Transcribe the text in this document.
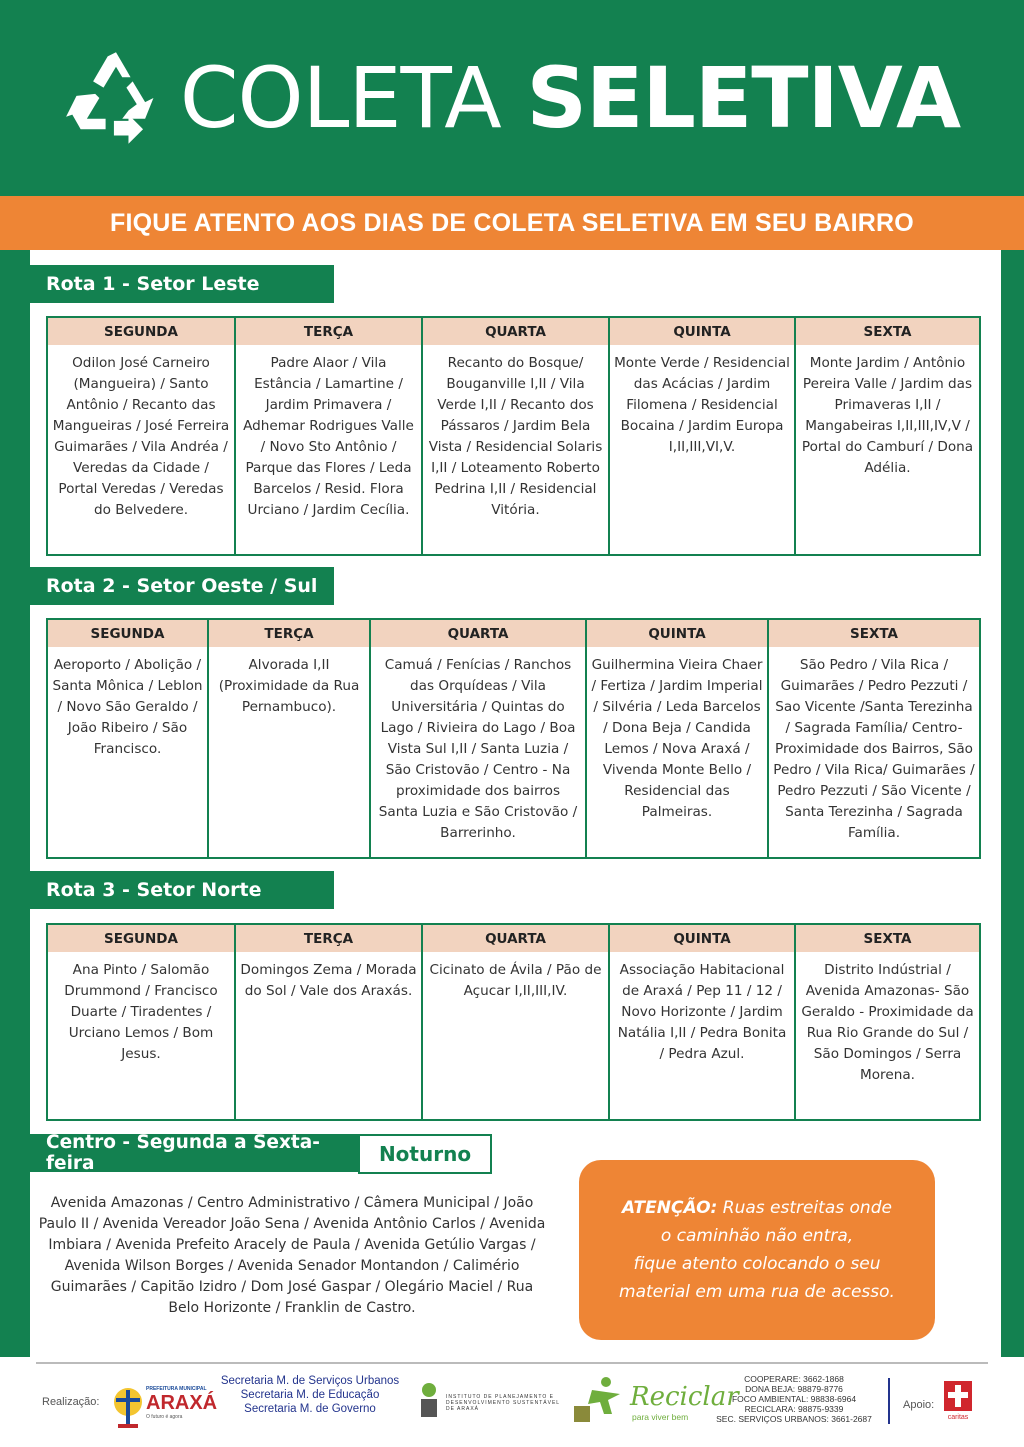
COLETA SELETIVA
FIQUE ATENTO AOS DIAS DE COLETA SELETIVA EM SEU BAIRRO
Rota 1 - Setor Leste
SEGUNDA
Odilon José Carneiro (Mangueira) / Santo Antônio / Recanto das Mangueiras / José Ferreira Guimarães / Vila Andréa / Veredas da Cidade / Portal Veredas / Veredas do Belvedere.
TERÇA
Padre Alaor / Vila Estância / Lamartine / Jardim Primavera / Adhemar Rodrigues Valle / Novo Sto Antônio / Parque das Flores / Leda Barcelos / Resid. Flora Urciano / Jardim Cecília.
QUARTA
Recanto do Bosque/ Bouganville I,II / Vila Verde I,II / Recanto dos Pássaros / Jardim Bela Vista / Residencial Solaris I,II / Loteamento Roberto Pedrina I,II / Residencial Vitória.
QUINTA
Monte Verde / Residencial das Acácias / Jardim Filomena / Residencial Bocaina / Jardim Europa I,II,III,VI,V.
SEXTA
Monte Jardim / Antônio Pereira Valle / Jardim das Primaveras I,II / Mangabeiras I,II,III,IV,V / Portal do Camburí / Dona Adélia.
Rota 2 - Setor Oeste / Sul
SEGUNDA
Aeroporto / Abolição / Santa Mônica / Leblon / Novo São Geraldo / João Ribeiro / São Francisco.
TERÇA
Alvorada I,II (Proximidade da Rua Pernambuco).
QUARTA
Camuá / Fenícias / Ranchos das Orquídeas / Vila Universitária / Quintas do Lago / Rivieira do Lago / Boa Vista Sul I,II / Santa Luzia / São Cristovão / Centro - Na proximidade dos bairros Santa Luzia e São Cristovão / Barrerinho.
QUINTA
Guilhermina Vieira Chaer / Fertiza / Jardim Imperial / Silvéria / Leda Barcelos / Dona Beja / Candida Lemos / Nova Araxá / Vivenda Monte Bello / Residencial das Palmeiras.
SEXTA
São Pedro / Vila Rica / Guimarães / Pedro Pezzuti / Sao Vicente /Santa Terezinha / Sagrada Família/ Centro- Proximidade dos Bairros, São Pedro / Vila Rica/ Guimarães / Pedro Pezzuti / São Vicente / Santa Terezinha / Sagrada Família.
Rota 3 - Setor Norte
SEGUNDA
Ana Pinto / Salomão Drummond / Francisco Duarte / Tiradentes / Urciano Lemos / Bom Jesus.
TERÇA
Domingos Zema / Morada do Sol / Vale dos Araxás.
QUARTA
Cicinato de Ávila / Pão de Açucar I,II,III,IV.
QUINTA
Associação Habitacional de Araxá / Pep 11 / 12 / Novo Horizonte / Jardim Natália I,II / Pedra Bonita / Pedra Azul.
SEXTA
Distrito Indústrial / Avenida Amazonas- São Geraldo - Proximidade da Rua Rio Grande do Sul / São Domingos / Serra Morena.
Centro - Segunda a Sexta-feira	Noturno
Avenida Amazonas / Centro Administrativo / Câmera Municipal / João Paulo II / Avenida Vereador João Sena / Avenida Antônio Carlos / Avenida Imbiara / Avenida Prefeito Aracely de Paula / Avenida Getúlio Vargas / Avenida Wilson Borges / Avenida Senador Montandon / Calimério Guimarães / Capitão Izidro / Dom José Gaspar / Olegário Maciel / Rua Belo Horizonte / Franklin de Castro.
ATENÇÃO: Ruas estreitas onde
o caminhão não entra,
fique atento colocando o seu
material em uma rua de acesso.
Realização:
PREFEITURA MUNICIPAL
ARAXÁ
O futuro é agora
Secretaria M. de Serviços Urbanos
Secretaria M. de Educação
Secretaria M. de Governo
INSTITUTO DE PLANEJAMENTO E DESENVOLVIMENTO SUSTENTÁVEL DE ARAXÁ	Reciclar
para viver bem
COOPERARE: 3662-1868
DONA BEJA: 98879-8776
FOCO AMBIENTAL: 98838-6964
RECICLARA: 98875-9339
SEC. SERVIÇOS URBANOS: 3661-2687
Apoio:
caritas
